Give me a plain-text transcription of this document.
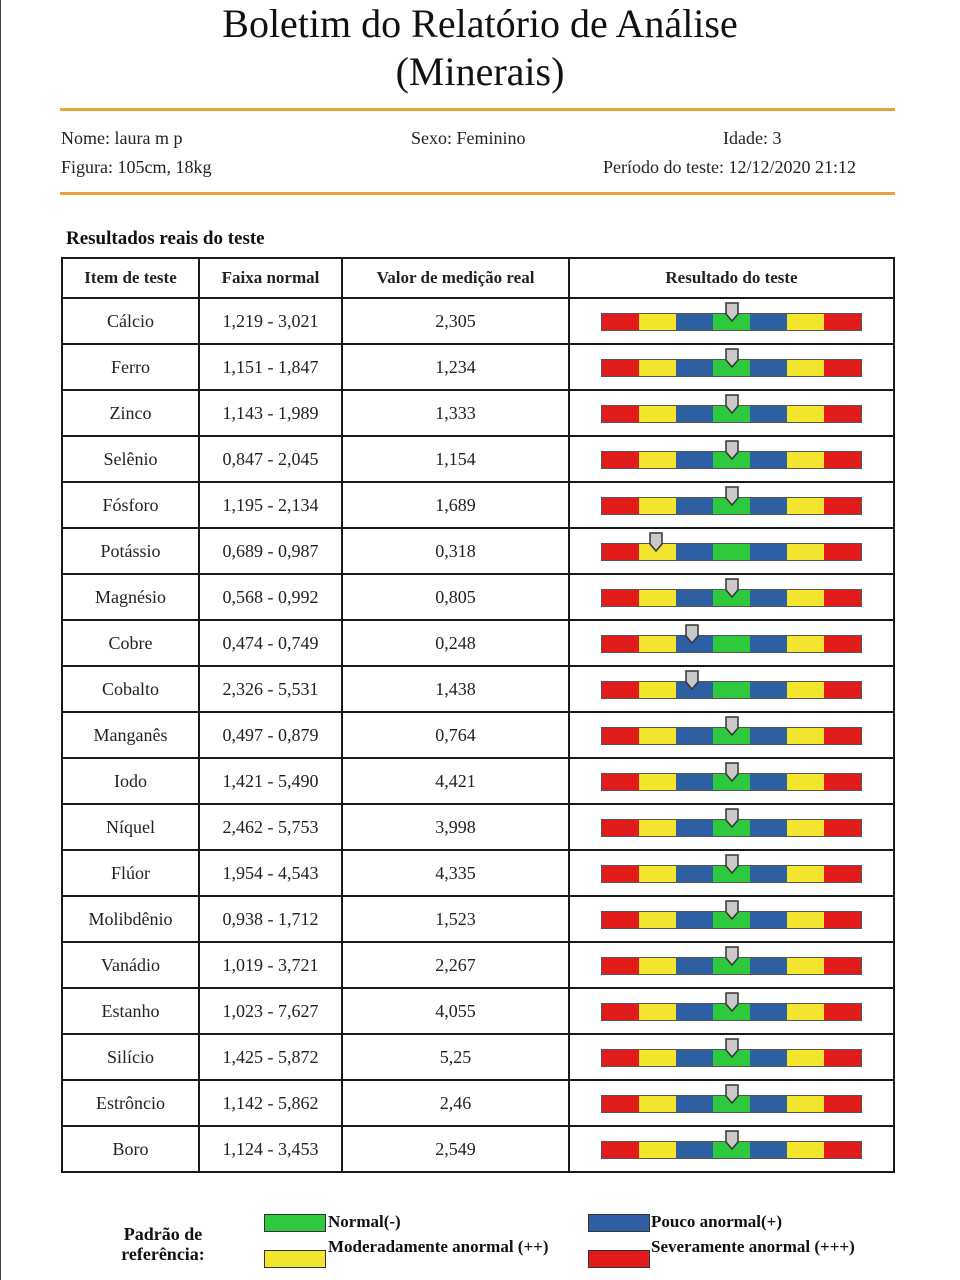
Boletim do Relatório de Análise
(Minerais)
Nome: laura m p	Sexo: Feminino	Idade: 3
Figura: 105cm, 18kg	Período do teste: 12/12/2020 21:12
Resultados reais do teste
Item de teste	Faixa normal	Valor de medição real	Resultado do teste
Cálcio	1,219 - 3,021	2,305	

Ferro	1,151 - 1,847	1,234	

Zinco	1,143 - 1,989	1,333	

Selênio	0,847 - 2,045	1,154	

Fósforo	1,195 - 2,134	1,689	

Potássio	0,689 - 0,987	0,318	

Magnésio	0,568 - 0,992	0,805	

Cobre	0,474 - 0,749	0,248	

Cobalto	2,326 - 5,531	1,438	

Manganês	0,497 - 0,879	0,764	

Iodo	1,421 - 5,490	4,421	

Níquel	2,462 - 5,753	3,998	

Flúor	1,954 - 4,543	4,335	

Molibdênio	0,938 - 1,712	1,523	

Vanádio	1,019 - 3,721	2,267	

Estanho	1,023 - 7,627	4,055	

Silício	1,425 - 5,872	5,25	

Estrôncio	1,142 - 5,862	2,46	

Boro	1,124 - 3,453	2,549	
Padrão de referência:
Normal(-)
Moderadamente anormal (++)
Pouco anormal(+)
Severamente anormal (+++)
